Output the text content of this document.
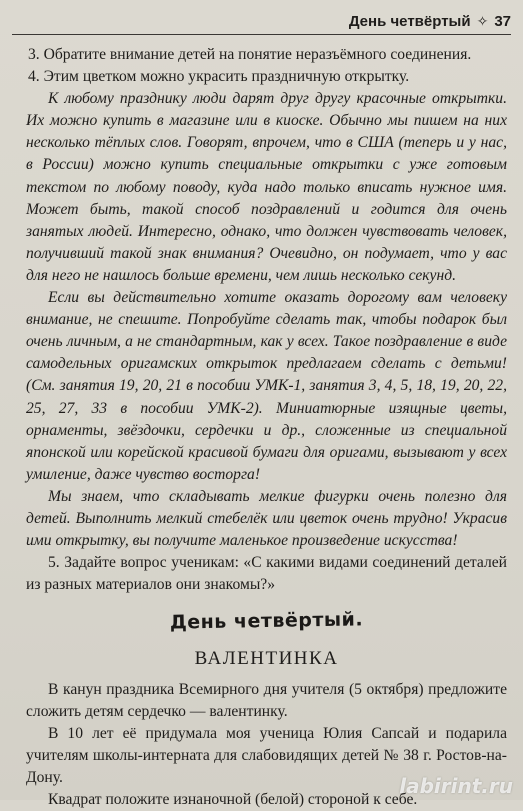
День четвёртый ✧ 37

3. Обратите внимание детей на понятие неразъёмного соединения.

4. Этим цветком можно украсить праздничную открытку.

К любому празднику люди дарят друг другу красочные открытки. Их можно купить в магазине или в киоске. Обычно мы пишем на них несколько тёплых слов. Говорят, впрочем, что в США (теперь и у нас, в России) можно купить специальные открытки с уже готовым текстом по любому поводу, куда надо только вписать нужное имя. Может быть, такой способ поздравлений и годится для очень занятых людей. Интересно, однако, что должен чувствовать человек, получивший такой знак внимания? Очевидно, он подумает, что у вас для него не нашлось больше времени, чем лишь несколько секунд.

Если вы действительно хотите оказать дорогому вам человеку внимание, не спешите. Попробуйте сделать так, чтобы подарок был очень личным, а не стандартным, как у всех. Такое поздравление в виде самодельных оригамских открыток предлагаем сделать с детьми! (См. занятия 19, 20, 21 в пособии УМК-1, занятия 3, 4, 5, 18, 19, 20, 22, 25, 27, 33 в пособии УМК-2). Миниатюрные изящные цветы, орнаменты, звёздочки, сердечки и др., сложенные из специальной японской или корейской красивой бумаги для оригами, вызывают у всех умиление, даже чувство восторга!

Мы знаем, что складывать мелкие фигурки очень полезно для детей. Выполнить мелкий стебелёк или цветок очень трудно! Украсив ими открытку, вы получите маленькое произведение искусства!

5. Задайте вопрос ученикам: «С какими видами соединений деталей из разных материалов они знакомы?»

День четвёртый.
ВАЛЕНТИНКА

В канун праздника Всемирного дня учителя (5 октября) предложите сложить детям сердечко — валентинку.

В 10 лет её придумала моя ученица Юлия Сапсай и подарила учителям школы-интерната для слабовидящих детей № 38 г. Ростов-на-Дону.

Квадрат положите изнаночной (белой) стороной к себе.

labirint.ru
